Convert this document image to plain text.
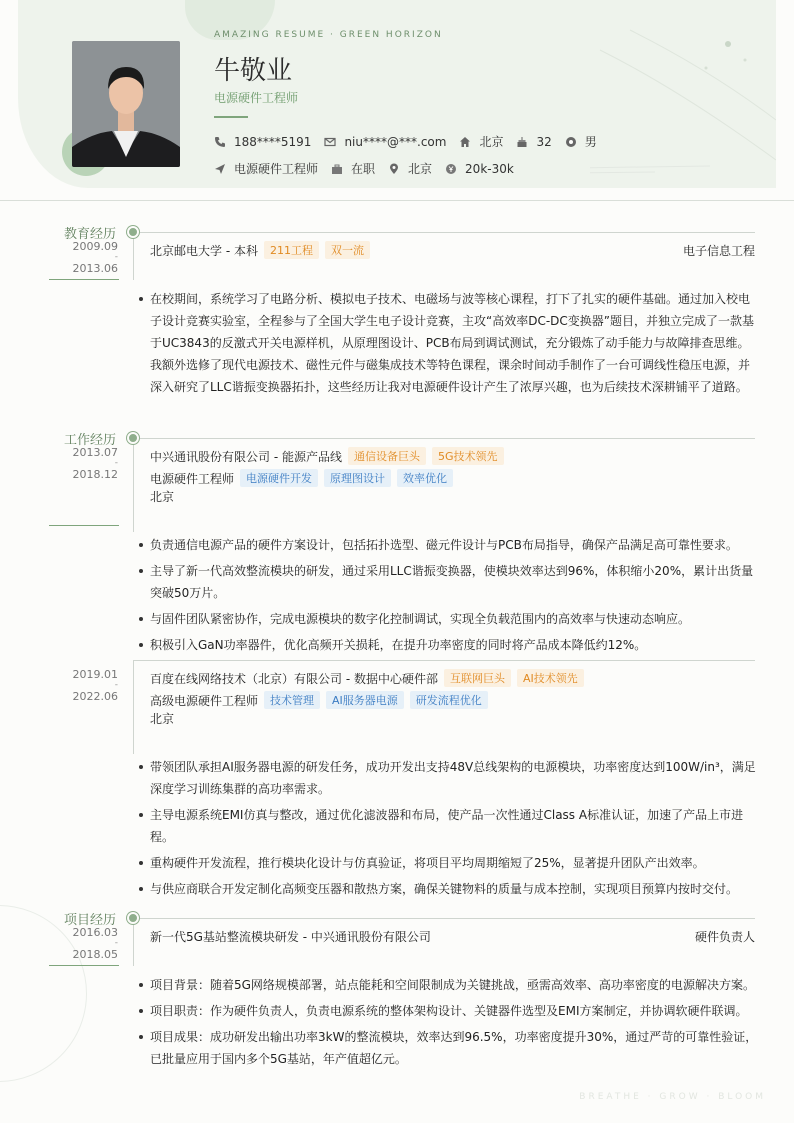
AMAZING RESUME · GREEN HORIZON
牛敬业
电源硬件工程师
188****5191	niu****@***.com	北京	32	男
电源硬件工程师	在职	北京	20k-30k
教育经历
2009.09
-
2013.06
北京邮电大学 - 本科	211工程	双一流	电子信息工程
在校期间，系统学习了电路分析、模拟电子技术、电磁场与波等核心课程，打下了扎实的硬件基础。通过加入校电子设计竞赛实验室，全程参与了全国大学生电子设计竞赛，主攻“高效率DC-DC变换器”题目，并独立完成了一款基于UC3843的反激式开关电源样机，从原理图设计、PCB布局到调试测试，充分锻炼了动手能力与故障排查思维。我额外选修了现代电源技术、磁性元件与磁集成技术等特色课程，课余时间动手制作了一台可调线性稳压电源，并深入研究了LLC谐振变换器拓扑，这些经历让我对电源硬件设计产生了浓厚兴趣，也为后续技术深耕铺平了道路。
工作经历
2013.07
-
2018.12
中兴通讯股份有限公司 - 能源产品线	通信设备巨头	5G技术领先
电源硬件工程师	电源硬件开发	原理图设计	效率优化
北京
负责通信电源产品的硬件方案设计，包括拓扑选型、磁元件设计与PCB布局指导，确保产品满足高可靠性要求。
主导了新一代高效整流模块的研发，通过采用LLC谐振变换器，使模块效率达到96%，体积缩小20%，累计出货量突破50万片。
与固件团队紧密协作，完成电源模块的数字化控制调试，实现全负载范围内的高效率与快速动态响应。
积极引入GaN功率器件，优化高频开关损耗，在提升功率密度的同时将产品成本降低约12%。
2019.01
-
2022.06
百度在线网络技术（北京）有限公司 - 数据中心硬件部	互联网巨头	AI技术领先
高级电源硬件工程师	技术管理	AI服务器电源	研发流程优化
北京
带领团队承担AI服务器电源的研发任务，成功开发出支持48V总线架构的电源模块，功率密度达到100W/in³，满足深度学习训练集群的高功率需求。
主导电源系统EMI仿真与整改，通过优化滤波器和布局，使产品一次性通过Class A标准认证，加速了产品上市进程。
重构硬件开发流程，推行模块化设计与仿真验证，将项目平均周期缩短了25%，显著提升团队产出效率。
与供应商联合开发定制化高频变压器和散热方案，确保关键物料的质量与成本控制，实现项目预算内按时交付。
项目经历
2016.03
-
2018.05
新一代5G基站整流模块研发 - 中兴通讯股份有限公司	硬件负责人
项目背景：随着5G网络规模部署，站点能耗和空间限制成为关键挑战，亟需高效率、高功率密度的电源解决方案。
项目职责：作为硬件负责人，负责电源系统的整体架构设计、关键器件选型及EMI方案制定，并协调软硬件联调。
项目成果：成功研发出输出功率3kW的整流模块，效率达到96.5%，功率密度提升30%，通过严苛的可靠性验证，已批量应用于国内多个5G基站，年产值超亿元。
BREATHE · GROW · BLOOM
